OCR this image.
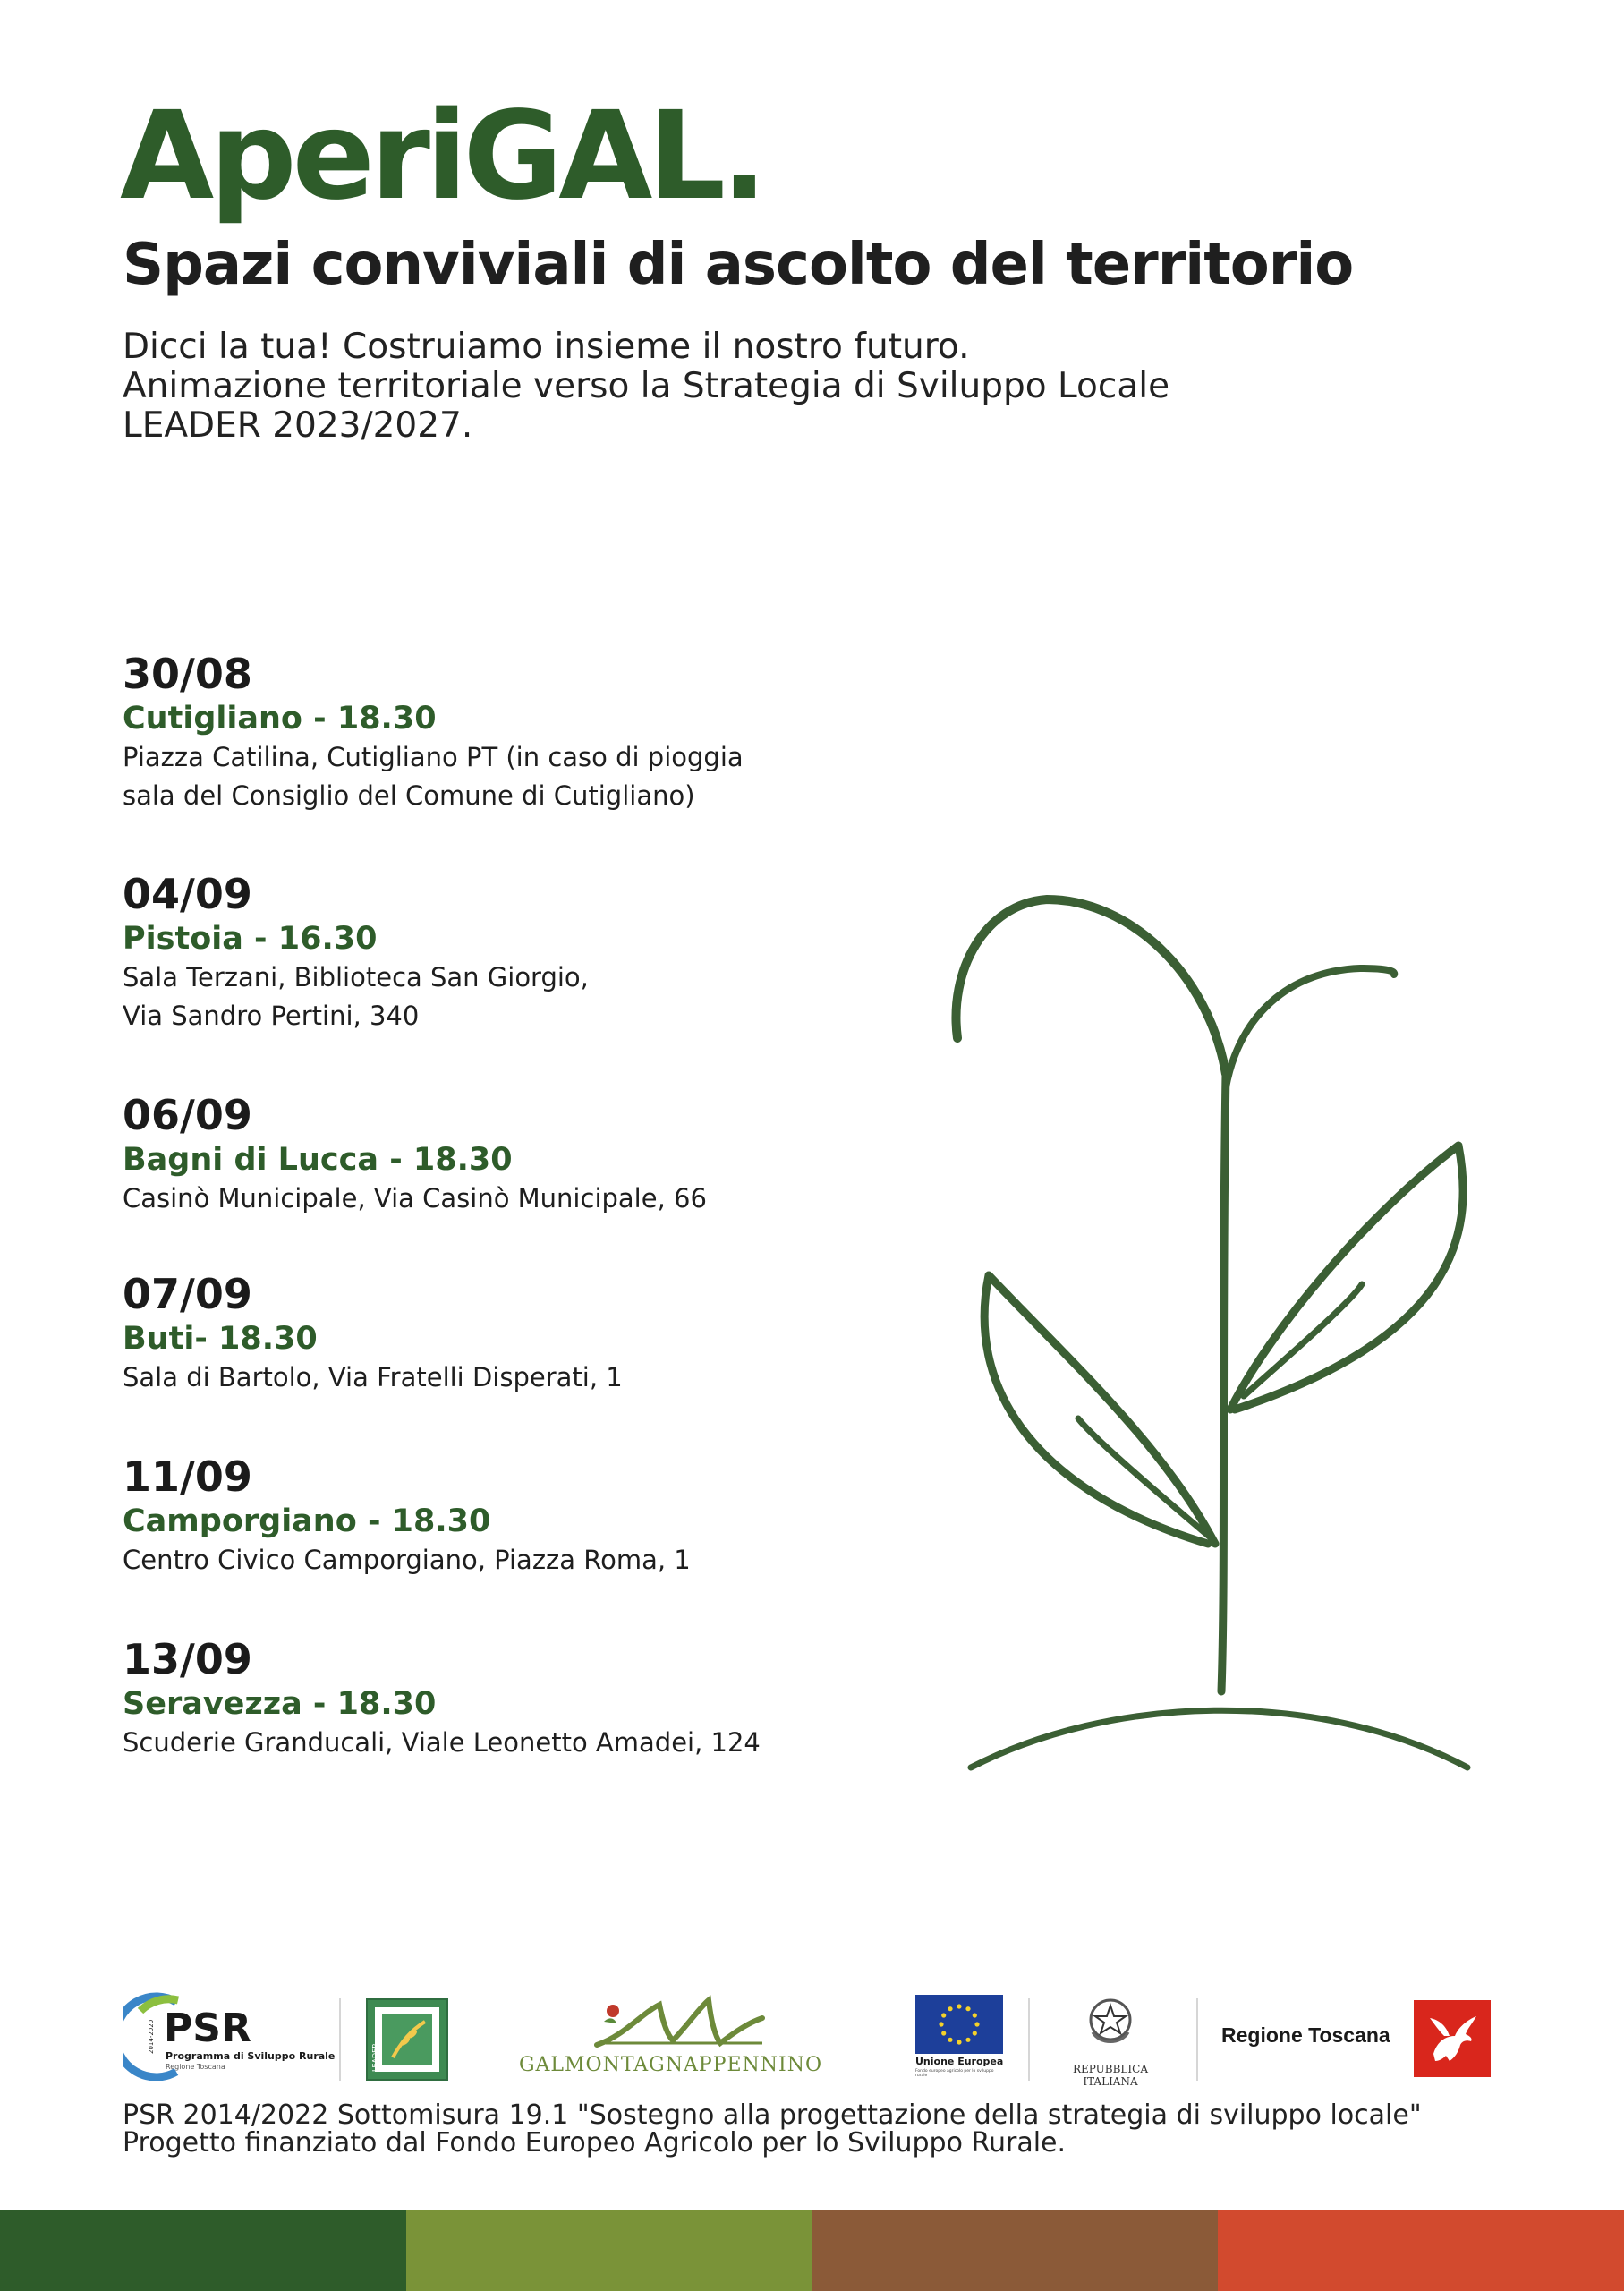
AperiGAL.
Spazi conviviali di ascolto del territorio
Dicci la tua! Costruiamo insieme il nostro futuro.
Animazione territoriale verso la Strategia di Sviluppo Locale
LEADER 2023/2027.
30/08
Cutigliano - 18.30
Piazza Catilina, Cutigliano PT (in caso di pioggia
sala del Consiglio del Comune di Cutigliano)
04/09
Pistoia - 16.30
Sala Terzani, Biblioteca San Giorgio,
Via Sandro Pertini, 340
06/09
Bagni di Lucca - 18.30
Casinò Municipale, Via Casinò Municipale, 66
07/09
Buti- 18.30
Sala di Bartolo, Via Fratelli Disperati, 1
11/09
Camporgiano - 18.30
Centro Civico Camporgiano, Piazza Roma, 1
13/09
Seravezza - 18.30
Scuderie Granducali, Viale Leonetto Amadei, 124
PSR
2014-2020
Programma di Sviluppo Rurale
Regione Toscana	LEADER	GALMONTAGNAPPENNINO	Unione Europea
Fondo europeo agricolo per lo sviluppo rurale
REPUBBLICA ITALIANA
Regione Toscana
PSR 2014/2022 Sottomisura 19.1 "Sostegno alla progettazione della strategia di sviluppo locale"
Progetto finanziato dal Fondo Europeo Agricolo per lo Sviluppo Rurale.
